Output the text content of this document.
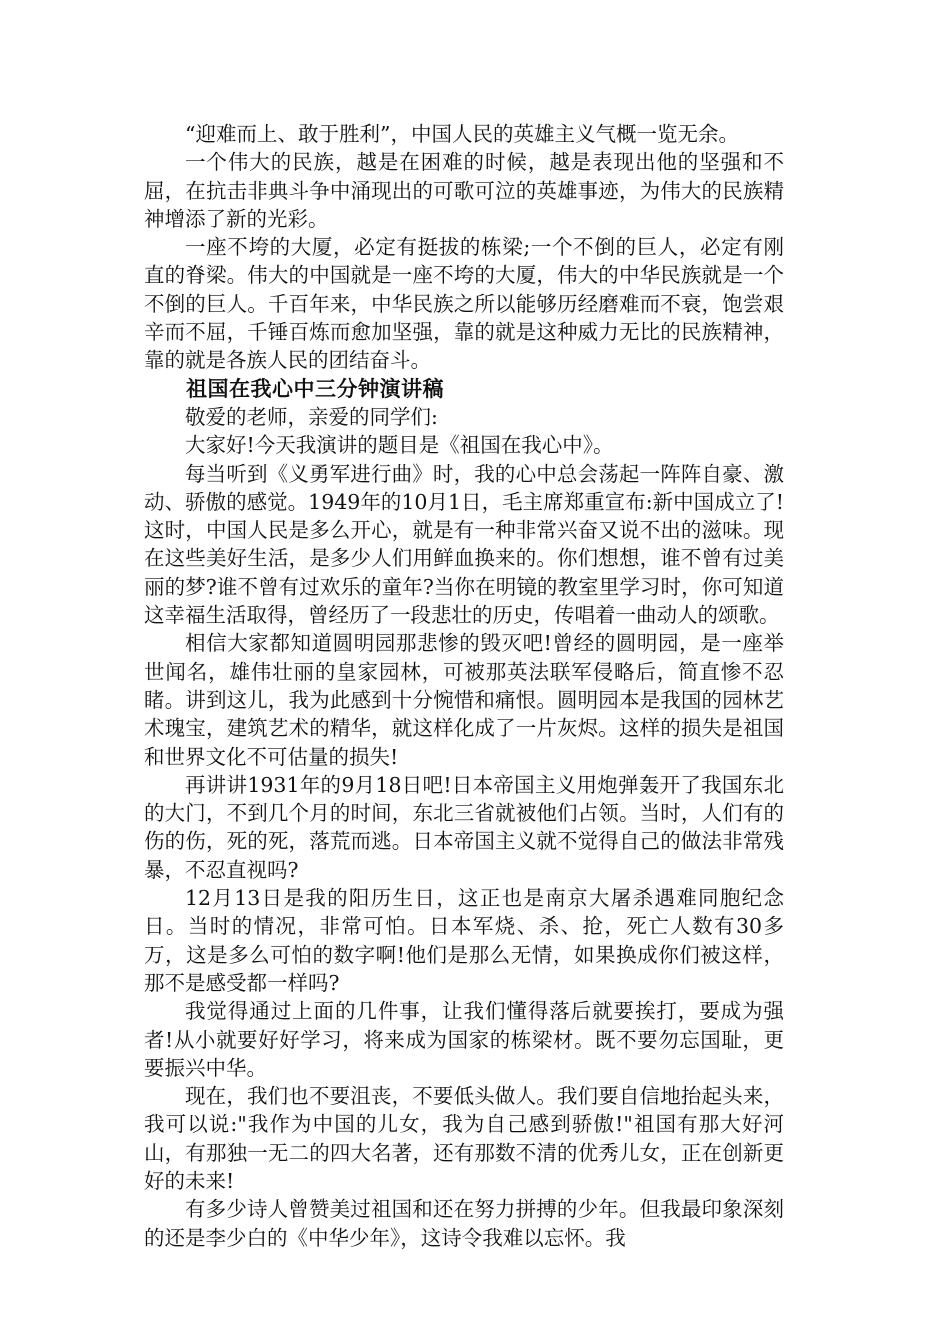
“迎难而上、敢于胜利”，中国人民的英雄主义气概一览无余。

一个伟大的民族，越是在困难的时候，越是表现出他的坚强和不屈，在抗击非典斗争中涌现出的可歌可泣的英雄事迹，为伟大的民族精神增添了新的光彩。

一座不垮的大厦，必定有挺拔的栋梁;一个不倒的巨人，必定有刚直的脊梁。伟大的中国就是一座不垮的大厦，伟大的中华民族就是一个不倒的巨人。千百年来，中华民族之所以能够历经磨难而不衰，饱尝艰辛而不屈，千锤百炼而愈加坚强，靠的就是这种威力无比的民族精神，靠的就是各族人民的团结奋斗。

祖国在我心中三分钟演讲稿

敬爱的老师，亲爱的同学们:

大家好!今天我演讲的题目是《祖国在我心中》。

每当听到《义勇军进行曲》时，我的心中总会荡起一阵阵自豪、激动、骄傲的感觉。1949年的10月1日，毛主席郑重宣布:新中国成立了!这时，中国人民是多么开心，就是有一种非常兴奋又说不出的滋味。现在这些美好生活，是多少人们用鲜血换来的。你们想想，谁不曾有过美丽的梦?谁不曾有过欢乐的童年?当你在明镜的教室里学习时，你可知道这幸福生活取得，曾经历了一段悲壮的历史，传唱着一曲动人的颂歌。

相信大家都知道圆明园那悲惨的毁灭吧!曾经的圆明园，是一座举世闻名，雄伟壮丽的皇家园林，可被那英法联军侵略后，简直惨不忍睹。讲到这儿，我为此感到十分惋惜和痛恨。圆明园本是我国的园林艺术瑰宝，建筑艺术的精华，就这样化成了一片灰烬。这样的损失是祖国和世界文化不可估量的损失!

再讲讲1931年的9月18日吧!日本帝国主义用炮弹轰开了我国东北的大门，不到几个月的时间，东北三省就被他们占领。当时，人们有的伤的伤，死的死，落荒而逃。日本帝国主义就不觉得自己的做法非常残暴，不忍直视吗?

12月13日是我的阳历生日，这正也是南京大屠杀遇难同胞纪念日。当时的情况，非常可怕。日本军烧、杀、抢，死亡人数有30多万，这是多么可怕的数字啊!他们是那么无情，如果换成你们被这样，那不是感受都一样吗?

我觉得通过上面的几件事，让我们懂得落后就要挨打，要成为强者!从小就要好好学习，将来成为国家的栋梁材。既不要勿忘国耻，更要振兴中华。

现在，我们也不要沮丧，不要低头做人。我们要自信地抬起头来，我可以说:"我作为中国的儿女，我为自己感到骄傲!"祖国有那大好河山，有那独一无二的四大名著，还有那数不清的优秀儿女，正在创新更好的未来!

有多少诗人曾赞美过祖国和还在努力拼搏的少年。但我最印象深刻的还是李少白的《中华少年》，这诗令我难以忘怀。我
